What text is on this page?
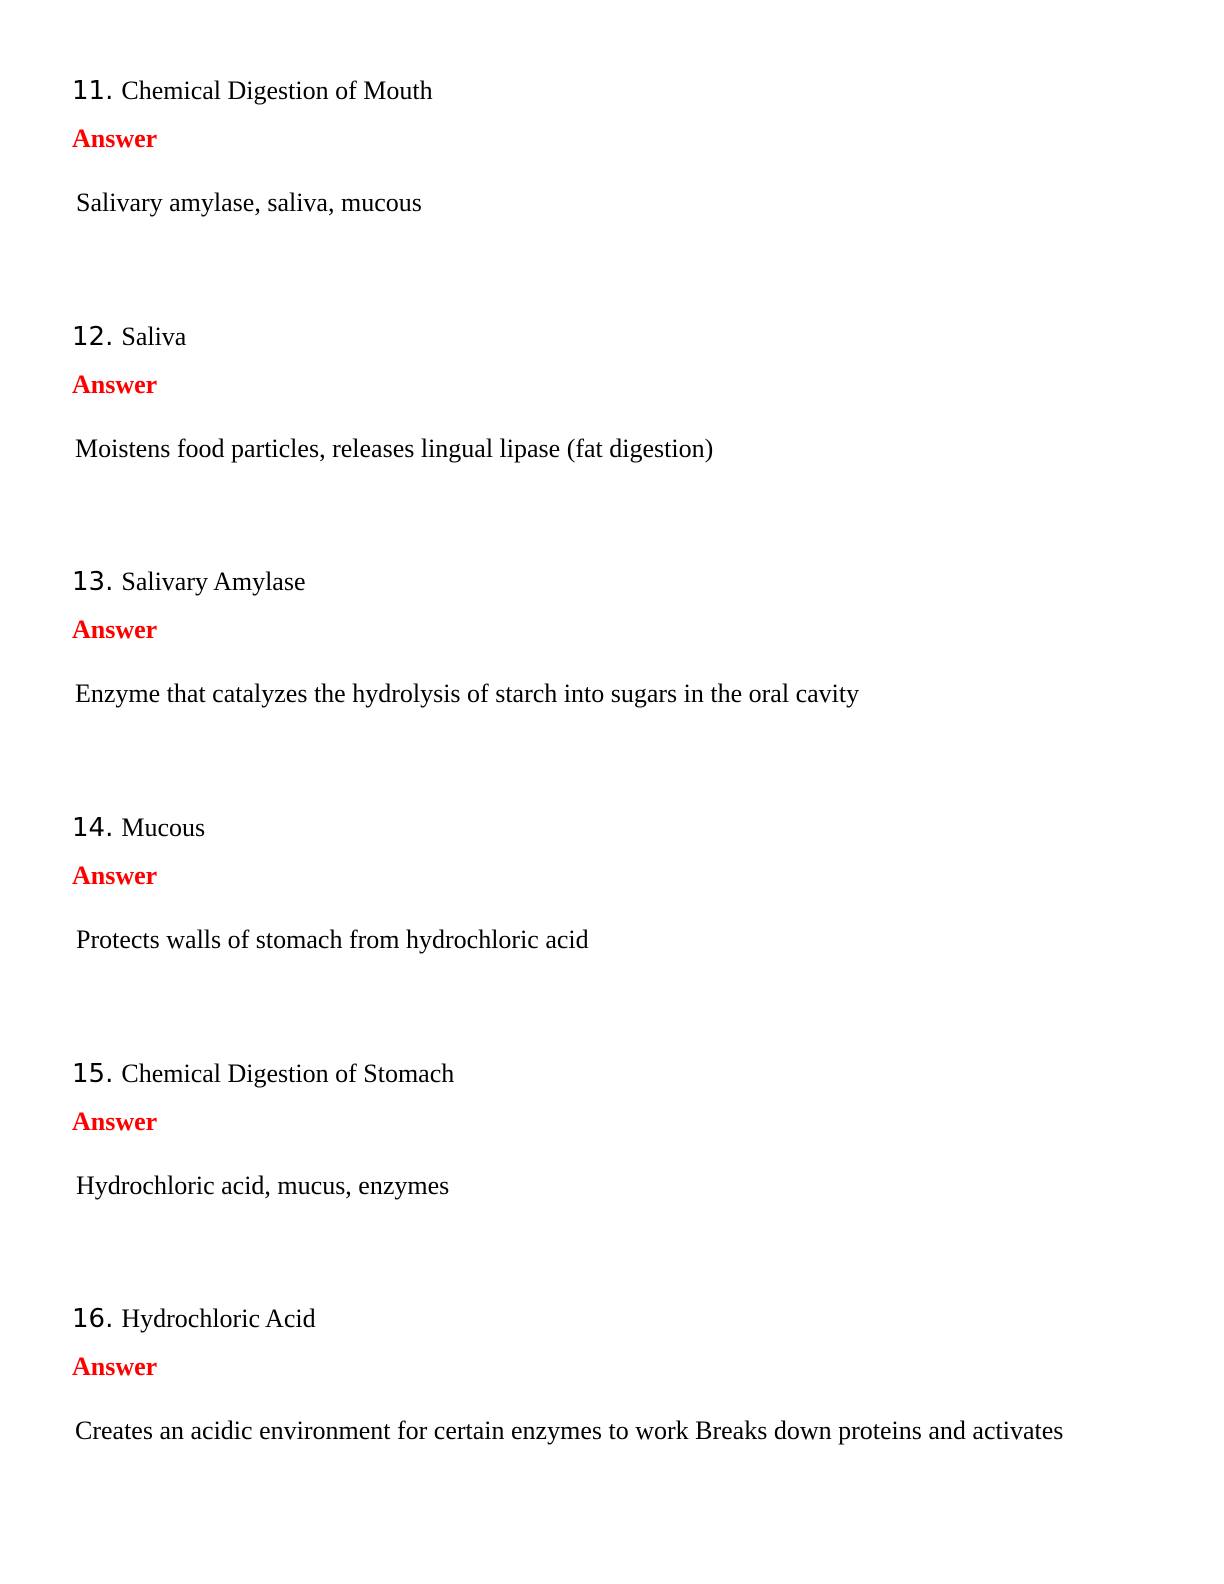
11. Chemical Digestion of Mouth
Answer
Salivary amylase, saliva, mucous
12. Saliva
Answer
Moistens food particles, releases lingual lipase (fat digestion)
13. Salivary Amylase
Answer
Enzyme that catalyzes the hydrolysis of starch into sugars in the oral cavity
14. Mucous
Answer
Protects walls of stomach from hydrochloric acid
15. Chemical Digestion of Stomach
Answer
Hydrochloric acid, mucus, enzymes
16. Hydrochloric Acid
Answer
Creates an acidic environment for certain enzymes to work Breaks down proteins and activates
